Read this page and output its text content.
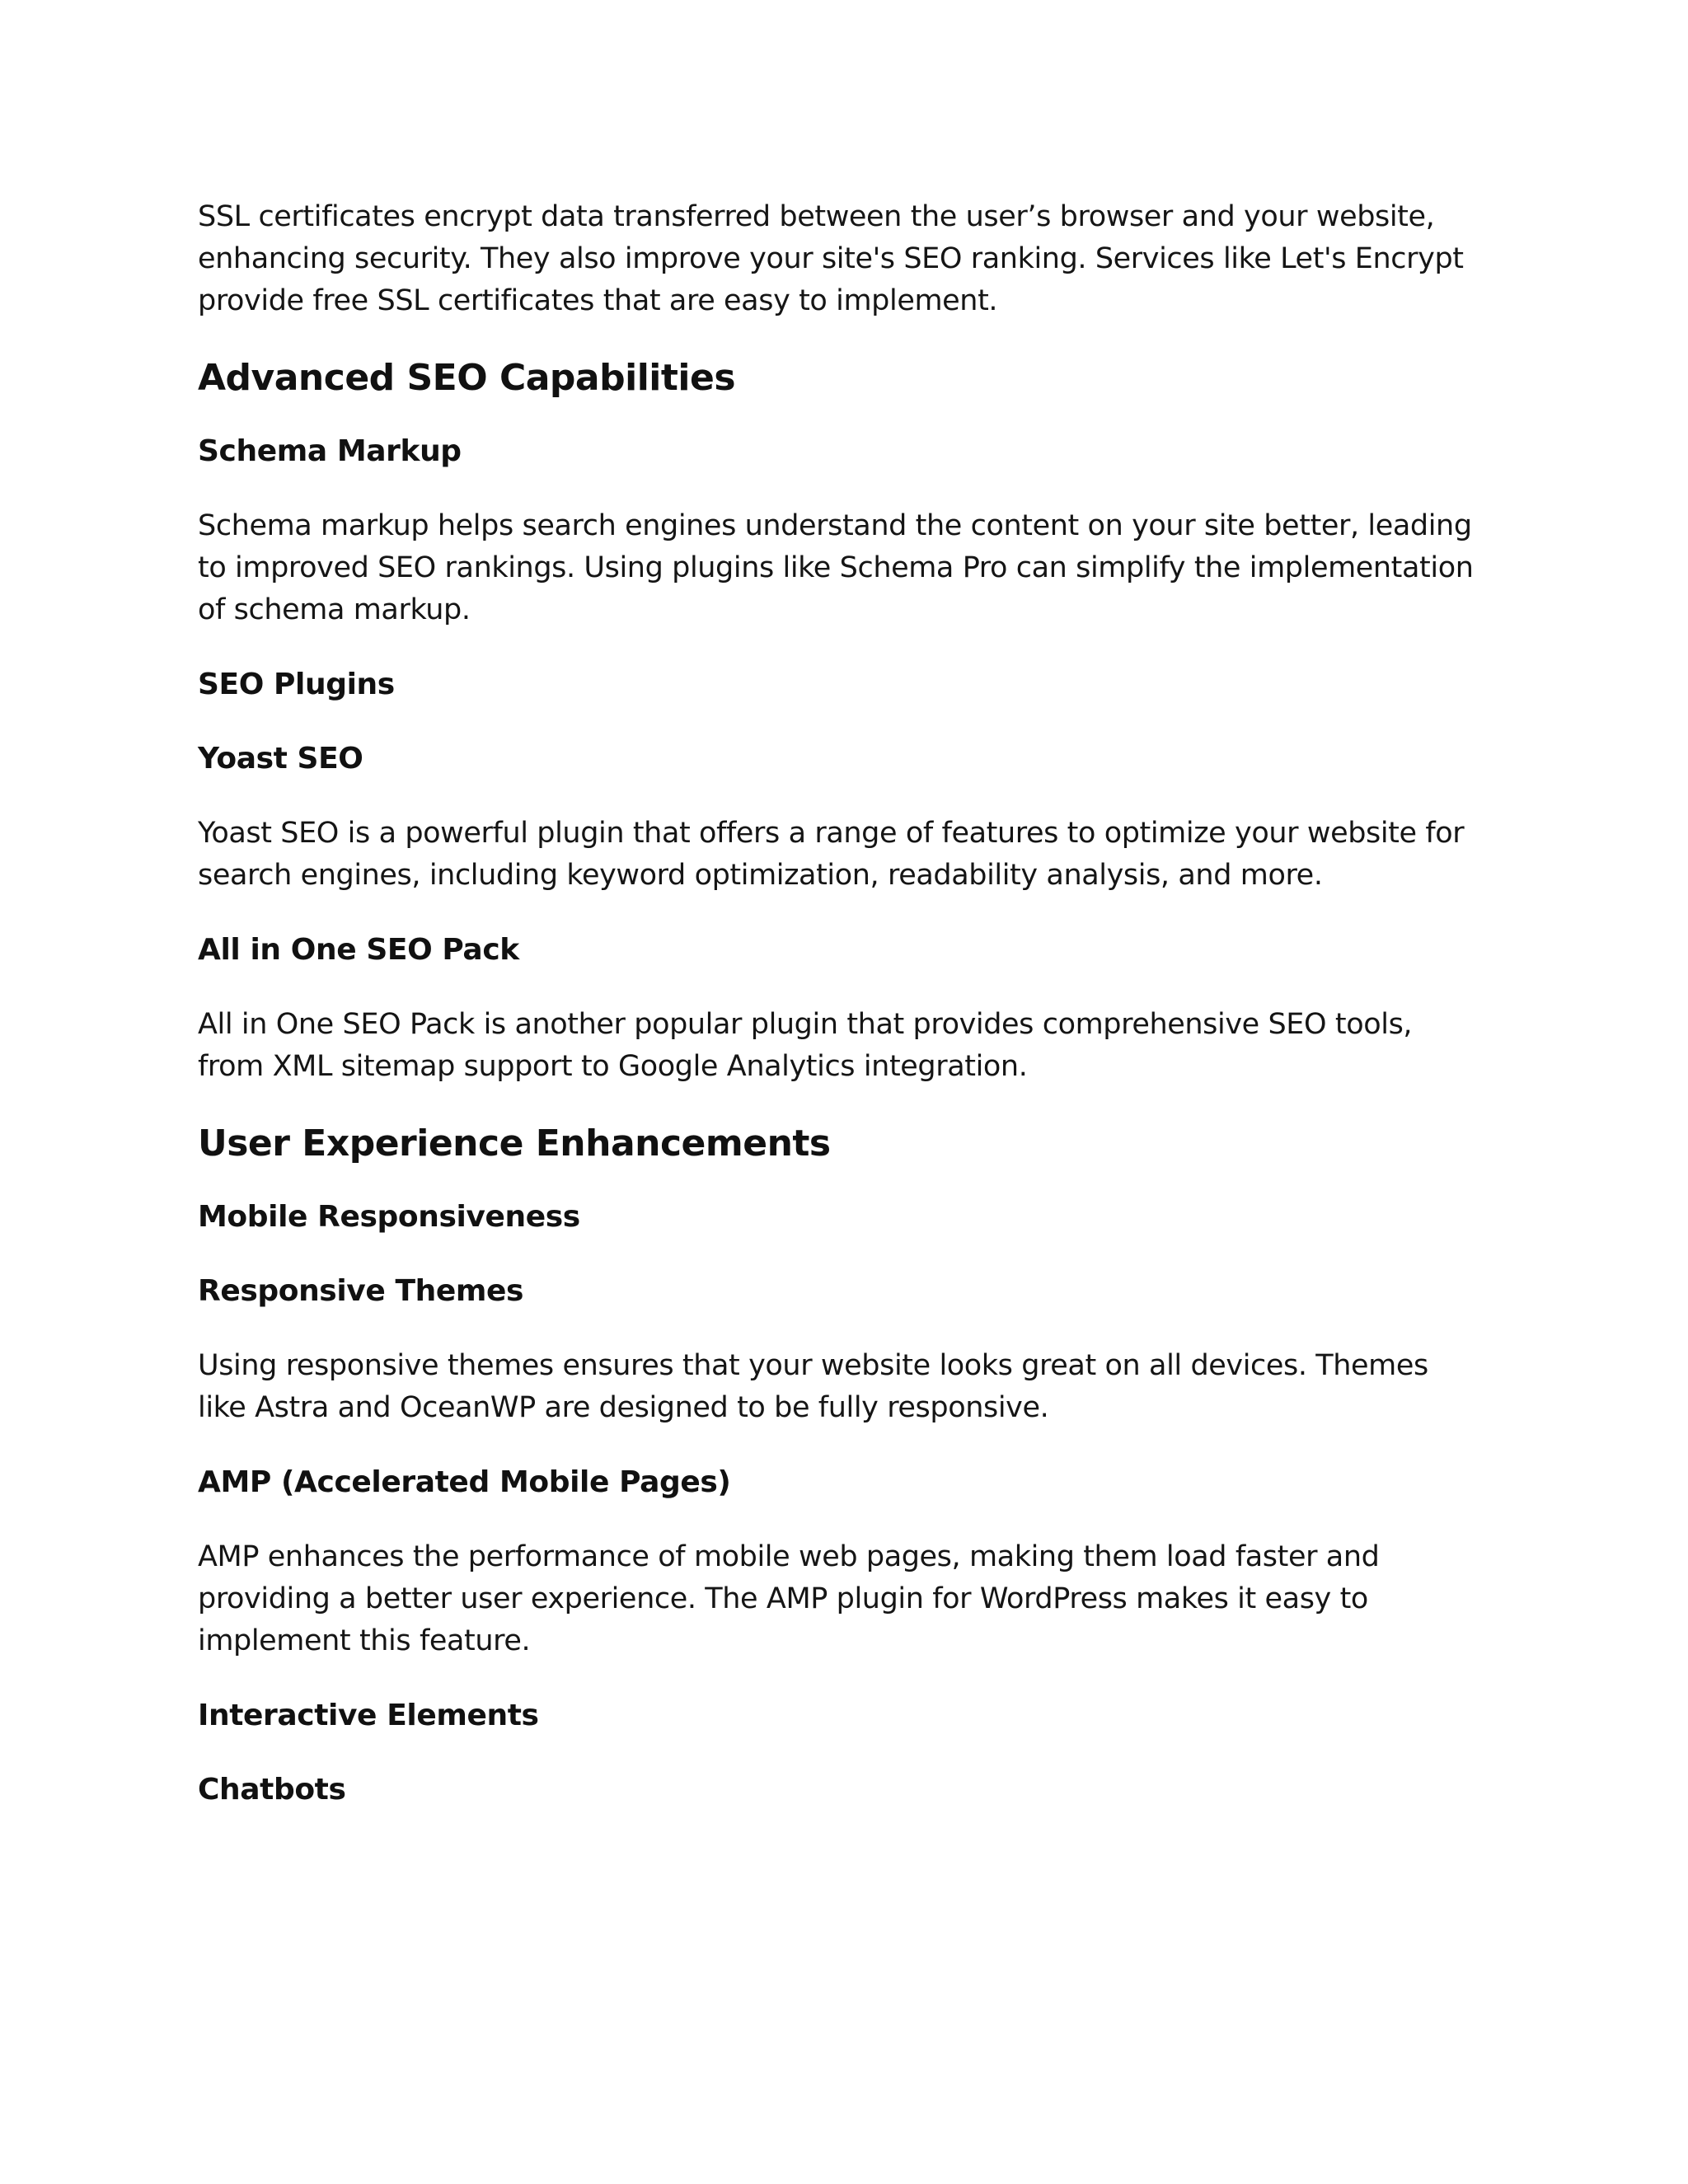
SSL certificates encrypt data transferred between the user’s browser and your website, enhancing security. They also improve your site's SEO ranking. Services like Let's Encrypt provide free SSL certificates that are easy to implement.

Advanced SEO Capabilities
Schema Markup

Schema markup helps search engines understand the content on your site better, leading to improved SEO rankings. Using plugins like Schema Pro can simplify the implementation of schema markup.

SEO Plugins
Yoast SEO

Yoast SEO is a powerful plugin that offers a range of features to optimize your website for search engines, including keyword optimization, readability analysis, and more.

All in One SEO Pack

All in One SEO Pack is another popular plugin that provides comprehensive SEO tools, from XML sitemap support to Google Analytics integration.

User Experience Enhancements
Mobile Responsiveness
Responsive Themes

Using responsive themes ensures that your website looks great on all devices. Themes like Astra and OceanWP are designed to be fully responsive.

AMP (Accelerated Mobile Pages)

AMP enhances the performance of mobile web pages, making them load faster and providing a better user experience. The AMP plugin for WordPress makes it easy to implement this feature.

Interactive Elements
Chatbots
